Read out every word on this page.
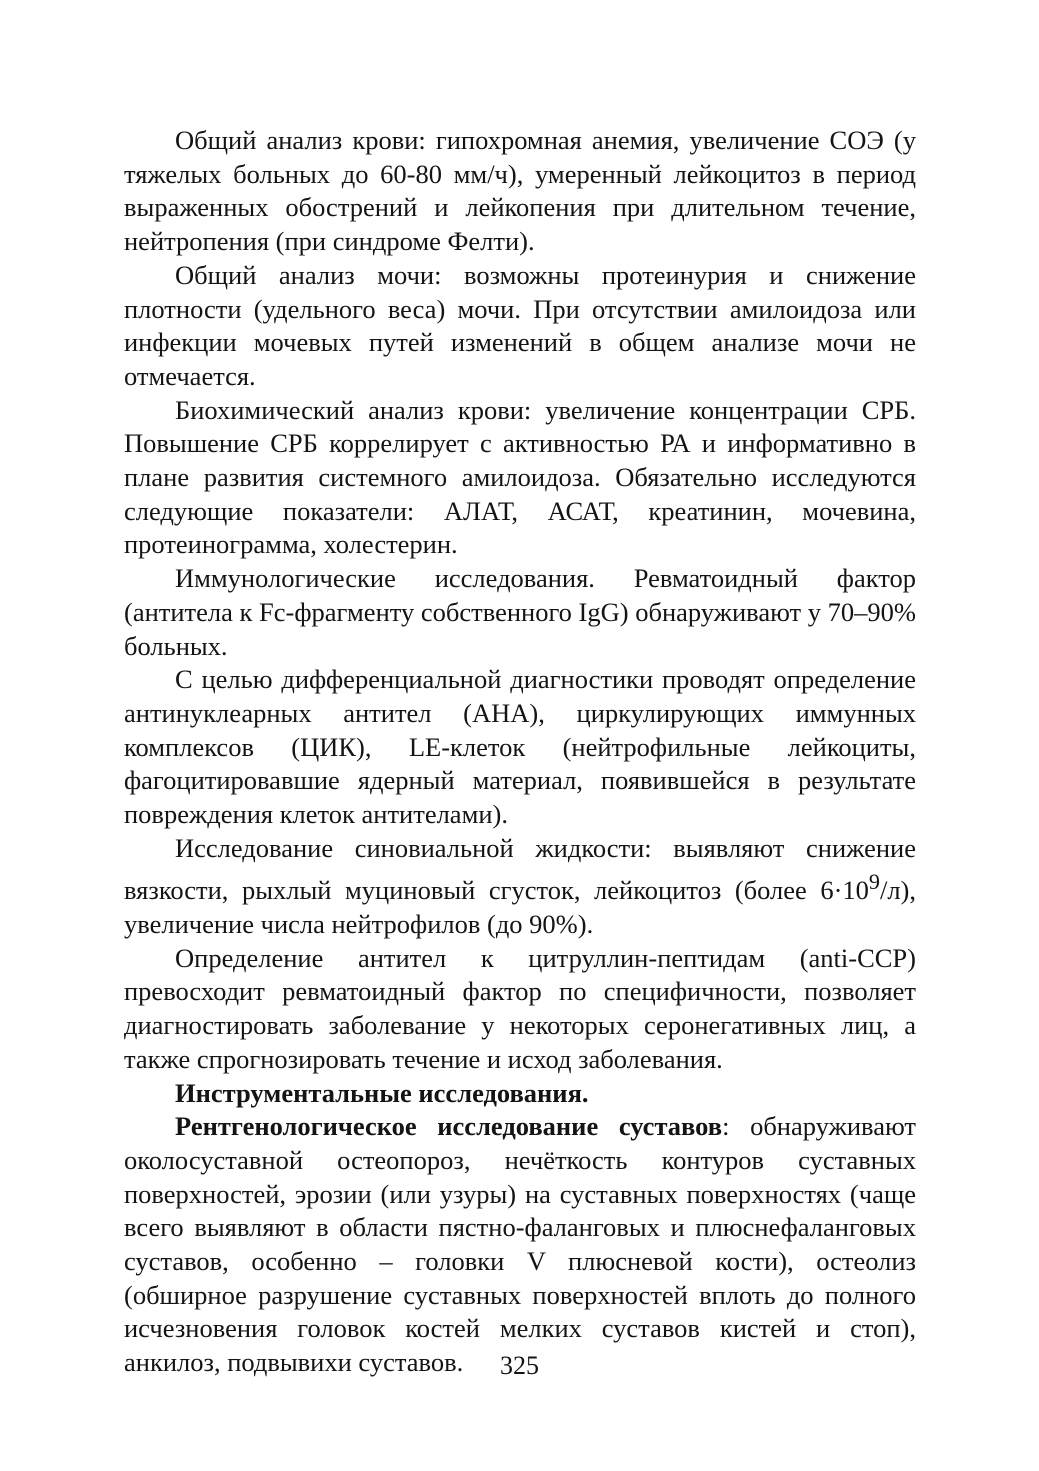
Общий анализ крови: гипохромная анемия, увеличение СОЭ (у тяжелых больных до 60-80 мм/ч), умеренный лейкоцитоз в период выраженных обострений и лейкопения при длительном течение, нейтропения (при синдроме Фелти).

Общий анализ мочи: возможны протеинурия и снижение плотности (удельного веса) мочи. При отсутствии амилоидоза или инфекции мочевых путей изменений в общем анализе мочи не отмечается.

Биохимический анализ крови: увеличение концентрации СРБ. Повышение СРБ коррелирует с активностью РА и информативно в плане развития системного амилоидоза. Обязательно исследуются следующие показатели: АЛАТ, АСАТ, креатинин, мочевина, протеинограмма, холестерин.

Иммунологические исследования. Ревматоидный фактор (антитела к Fc-фрагменту собственного IgG) обнаруживают у 70–90% больных.

С целью дифференциальной диагностики проводят определение антинуклеарных антител (АНА), циркулирующих иммунных комплексов (ЦИК), LE-клеток (нейтрофильные лейкоциты, фагоцитировавшие ядерный материал, появившейся в результате повреждения клеток антителами).

Исследование синовиальной жидкости: выявляют снижение вязкости, рыхлый муциновый сгусток, лейкоцитоз (более $6\cdot 10^9/л$), увеличение числа нейтрофилов (до 90%).

Определение антител к цитруллин-пептидам (anti-CCP) превосходит ревматоидный фактор по специфичности, позволяет диагностировать заболевание у некоторых серонегативных лиц, а также спрогнозировать течение и исход заболевания.

Инструментальные исследования.

Рентгенологическое исследование суставов: обнаруживают околосуставной остеопороз, нечёткость контуров суставных поверхностей, эрозии (или узуры) на суставных поверхностях (чаще всего выявляют в области пястно-фаланговых и плюснефаланговых суставов, особенно – головки V плюсневой кости), остеолиз (обширное разрушение суставных поверхностей вплоть до полного исчезновения головок костей мелких суставов кистей и стоп), анкилоз, подвывихи суставов.	325
